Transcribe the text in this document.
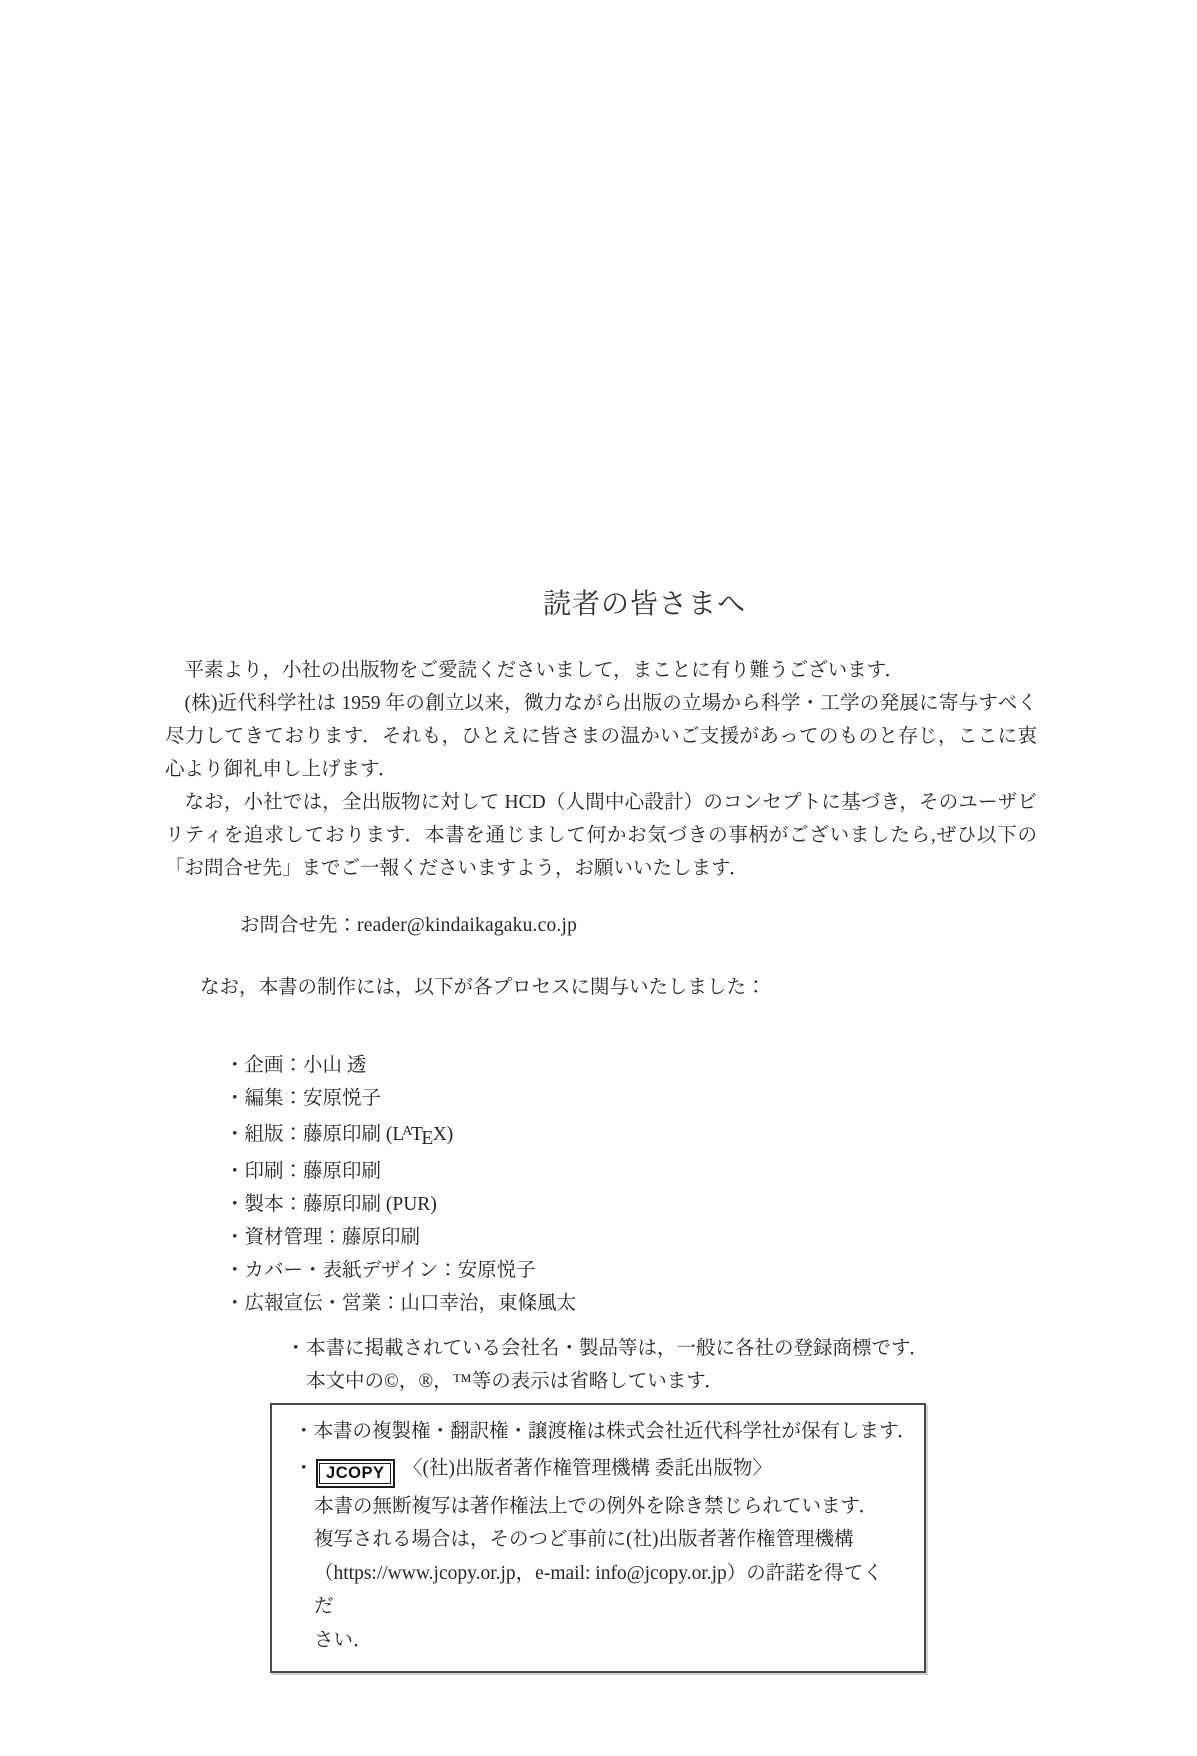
読者の皆さまへ

平素より，小社の出版物をご愛読くださいまして，まことに有り難うございます．

(株)近代科学社は 1959 年の創立以来，微力ながら出版の立場から科学・工学の発展に寄与すべく尽力してきております．それも，ひとえに皆さまの温かいご支援があってのものと存じ，ここに衷心より御礼申し上げます．

なお，小社では，全出版物に対して HCD（人間中心設計）のコンセプトに基づき，そのユーザビリティを追求しております．本書を通じまして何かお気づきの事柄がございましたら,ぜひ以下の「お問合せ先」までご一報くださいますよう，お願いいたします．

お問合せ先：reader@kindaikagaku.co.jp

なお，本書の制作には，以下が各プロセスに関与いたしました：

・企画：小山 透
・編集：安原悦子
・組版：藤原印刷 $(L^ATEX)$
・印刷：藤原印刷
・製本：藤原印刷 (PUR)
・資材管理：藤原印刷
・カバー・表紙デザイン：安原悦子
・広報宣伝・営業：山口幸治，東條風太
・ 本書に掲載されている会社名・製品等は，一般に各社の登録商標です．
本文中の©，®，™等の表示は省略しています．
・本書の複製権・翻訳権・譲渡権は株式会社近代科学社が保有します．
・ JCOPY 〈(社)出版者著作権管理機構 委託出版物〉
本書の無断複写は著作権法上での例外を除き禁じられています．
複写される場合は，そのつど事前に(社)出版者著作権管理機構
（https://www.jcopy.or.jp，e-mail: info@jcopy.or.jp）の許諾を得てくだ
さい．
